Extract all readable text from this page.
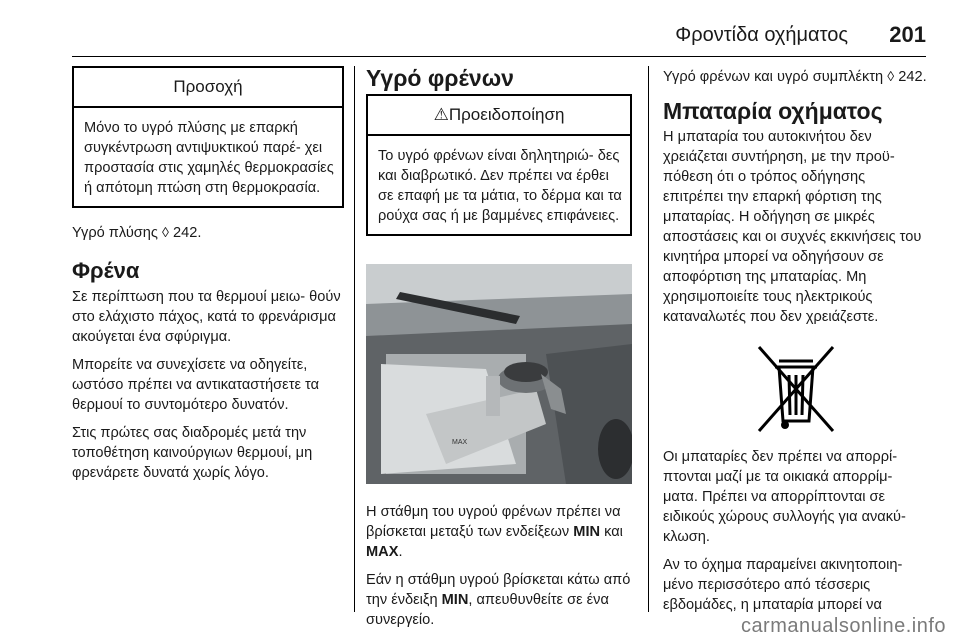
Φροντίδα οχήματος 201
Προσοχή

Μόνο το υγρό πλύσης με επαρκή συγκέντρωση αντιψυκτικού παρέ- χει προστασία στις χαμηλές θερμοκρασίες ή απότομη πτώση στη θερμοκρασία.

Υγρό πλύσης ◊ 242.

Φρένα

Σε περίπτωση που τα θερμουί μειω- θούν στο ελάχιστο πάχος, κατά το φρενάρισμα ακούγεται ένα σφύριγμα.

Μπορείτε να συνεχίσετε να οδηγείτε, ωστόσο πρέπει να αντικαταστήσετε τα θερμουί το συντομότερο δυνατόν.

Στις πρώτες σας διαδρομές μετά την τοποθέτηση καινούργιων θερμουί, μη φρενάρετε δυνατά χωρίς λόγο.

Υγρό φρένων
⚠Προειδοποίηση

Το υγρό φρένων είναι δηλητηριώ- δες και διαβρωτικό. Δεν πρέπει να έρθει σε επαφή με τα μάτια, το δέρμα και τα ρούχα σας ή με βαμμένες επιφάνειες.

MAX

Η στάθμη του υγρού φρένων πρέπει να βρίσκεται μεταξύ των ενδείξεων MIN και MAX.

Εάν η στάθμη υγρού βρίσκεται κάτω από την ένδειξη MIN, απευθυνθείτε σε ένα συνεργείο.

Υγρό φρένων και υγρό συμπλέκτη ◊ 242.

Μπαταρία οχήματος

Η μπαταρία του αυτοκινήτου δεν χρειάζεται συντήρηση, με την προϋ- πόθεση ότι ο τρόπος οδήγησης επιτρέπει την επαρκή φόρτιση της μπαταρίας. Η οδήγηση σε μικρές αποστάσεις και οι συχνές εκκινήσεις του κινητήρα μπορεί να οδηγήσουν σε αποφόρτιση της μπαταρίας. Μη χρησιμοποιείτε τους ηλεκτρικούς καταναλωτές που δεν χρειάζεστε.

Οι μπαταρίες δεν πρέπει να απορρί- πτονται μαζί με τα οικιακά απορρίμ- ματα. Πρέπει να απορρίπτονται σε ειδικούς χώρους συλλογής για ανακύ- κλωση.

Αν το όχημα παραμείνει ακινητοποιη- μένο περισσότερο από τέσσερις εβδομάδες, η μπαταρία μπορεί να

carmanualsonline.info
